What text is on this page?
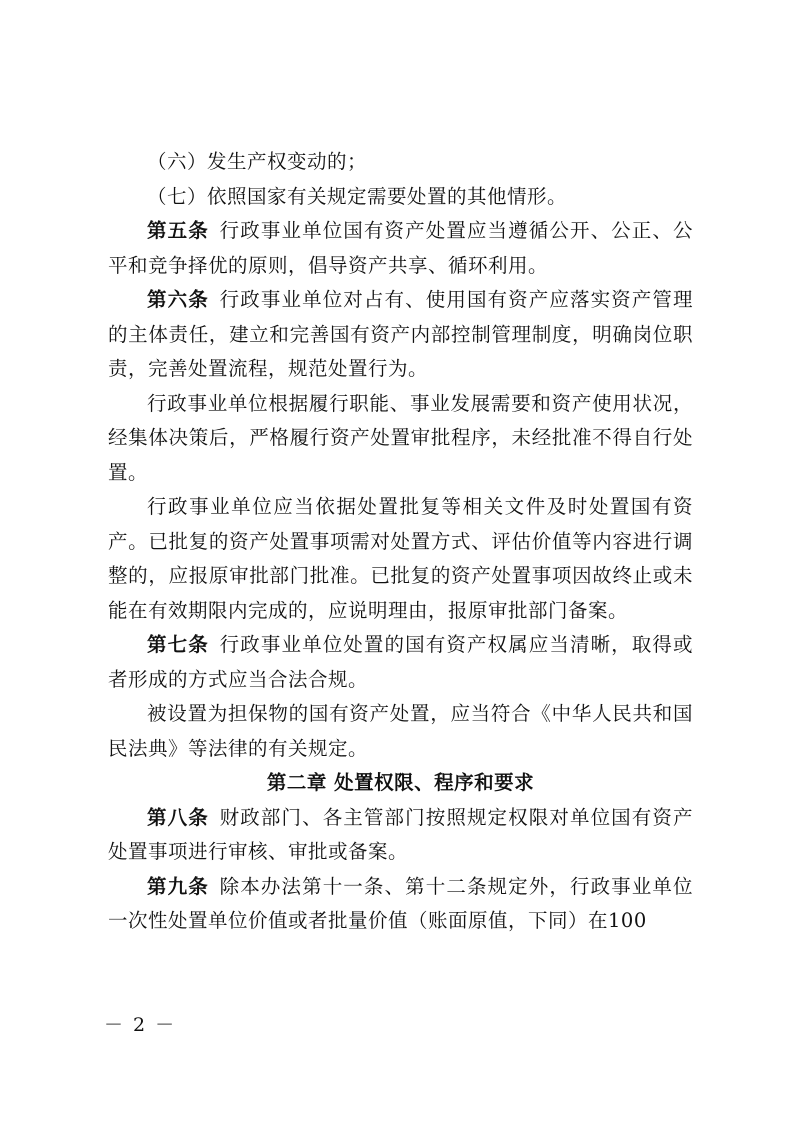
（六）发生产权变动的；

（七）依照国家有关规定需要处置的其他情形。

第五条  行政事业单位国有资产处置应当遵循公开、公正、公平和竞争择优的原则，倡导资产共享、循环利用。

第六条  行政事业单位对占有、使用国有资产应落实资产管理的主体责任，建立和完善国有资产内部控制管理制度，明确岗位职责，完善处置流程，规范处置行为。

行政事业单位根据履行职能、事业发展需要和资产使用状况，经集体决策后，严格履行资产处置审批程序，未经批准不得自行处置。

行政事业单位应当依据处置批复等相关文件及时处置国有资产。已批复的资产处置事项需对处置方式、评估价值等内容进行调整的，应报原审批部门批准。已批复的资产处置事项因故终止或未能在有效期限内完成的，应说明理由，报原审批部门备案。

第七条  行政事业单位处置的国有资产权属应当清晰，取得或者形成的方式应当合法合规。

被设置为担保物的国有资产处置，应当符合《中华人民共和国民法典》等法律的有关规定。

第二章 处置权限、程序和要求

第八条  财政部门、各主管部门按照规定权限对单位国有资产处置事项进行审核、审批或备案。

第九条  除本办法第十一条、第十二条规定外，行政事业单位一次性处置单位价值或者批量价值（账面原值，下同）在100

－ 2 －
